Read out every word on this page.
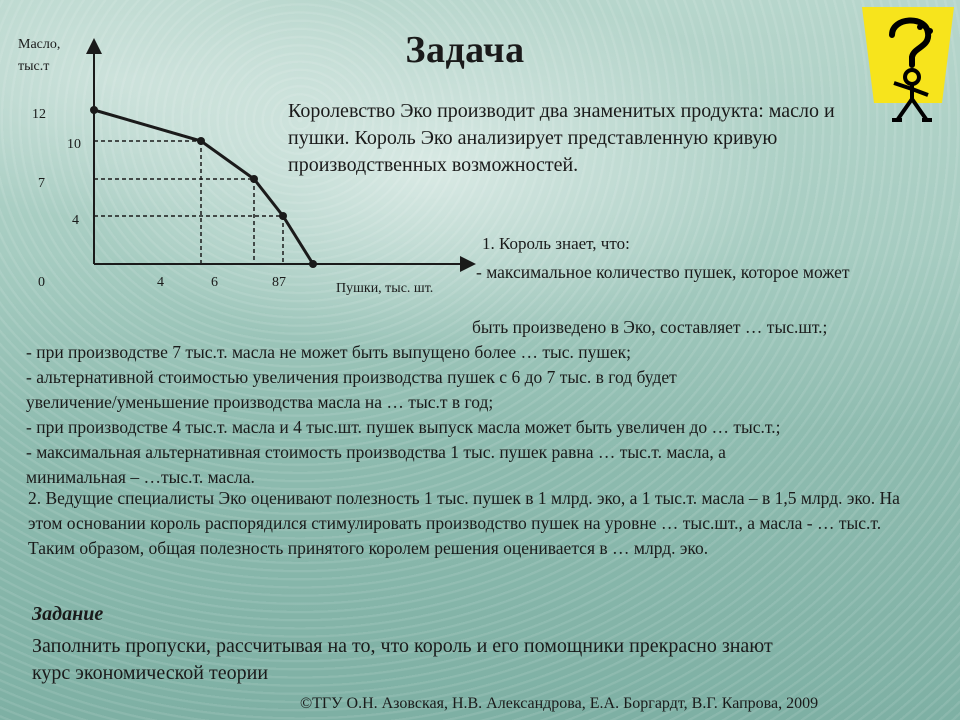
Задача
Масло,
тыс.т
Пушки, тыс. шт.
0
12
10
7
4
4	6	87
Королевство Эко производит два знаменитых продукта: масло и пушки. Король Эко анализирует представленную кривую производственных возможностей.
1. Король знает, что:
- максимальное количество пушек, которое может
быть произведено в Эко, составляет … тыс.шт.;
- при производстве 7 тыс.т. масла не может быть выпущено более … тыс. пушек;
- альтернативной стоимостью увеличения производства пушек с 6 до 7 тыс. в год будет
увеличение/уменьшение производства масла на … тыс.т в год;
- при производстве 4 тыс.т. масла и 4 тыс.шт. пушек выпуск масла может быть увеличен до … тыс.т.;
- максимальная альтернативная стоимость производства 1 тыс. пушек равна … тыс.т. масла, а
минимальная – …тыс.т. масла.
2. Ведущие специалисты Эко оценивают полезность 1 тыс. пушек в 1 млрд. эко, а 1 тыс.т. масла – в 1,5 млрд. эко. На этом основании король распорядился стимулировать производство пушек на уровне … тыс.шт., а масла - … тыс.т. Таким образом, общая полезность принятого королем решения оценивается в … млрд. эко.
Задание
Заполнить пропуски, рассчитывая на то, что король и его помощники прекрасно знают курс экономической теории
©ТГУ О.Н. Азовская, Н.В. Александрова, Е.А. Боргардт, В.Г. Капрова, 2009
